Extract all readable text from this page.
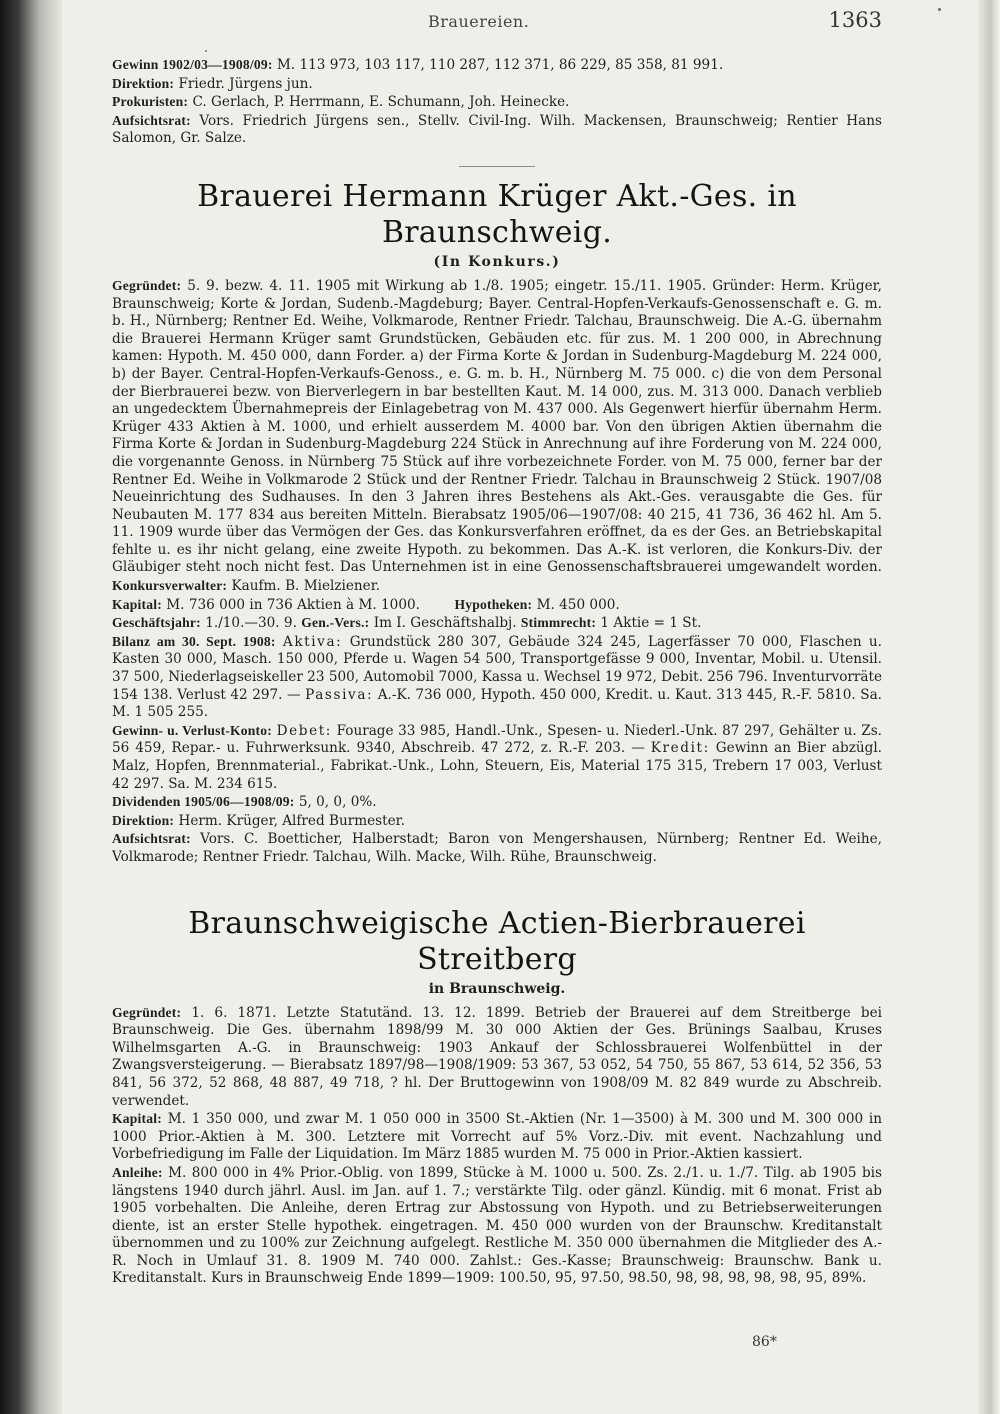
Brauereien.	1363

Gewinn 1902/03—1908/09: M. 113 973, 103 117, 110 287, 112 371, 86 229, 85 358, 81 991.

Direktion: Friedr. Jürgens jun.

Prokuristen: C. Gerlach, P. Herrmann, E. Schumann, Joh. Heinecke.

Aufsichtsrat: Vors. Friedrich Jürgens sen., Stellv. Civil-Ing. Wilh. Mackensen, Braunschweig; Rentier Hans Salomon, Gr. Salze.

Brauerei Hermann Krüger Akt.-Ges. in Braunschweig.
(In Konkurs.)

Gegründet: 5. 9. bezw. 4. 11. 1905 mit Wirkung ab 1./8. 1905; eingetr. 15./11. 1905. Gründer: Herm. Krüger, Braunschweig; Korte & Jordan, Sudenb.-Magdeburg; Bayer. Central-Hopfen-Verkaufs-Genossenschaft e. G. m. b. H., Nürnberg; Rentner Ed. Weihe, Volkmarode, Rentner Friedr. Talchau, Braunschweig. Die A.-G. übernahm die Brauerei Hermann Krüger samt Grundstücken, Gebäuden etc. für zus. M. 1 200 000, in Abrechnung kamen: Hypoth. M. 450 000, dann Forder. a) der Firma Korte & Jordan in Sudenburg-Magdeburg M. 224 000, b) der Bayer. Central-Hopfen-Verkaufs-Genoss., e. G. m. b. H., Nürnberg M. 75 000. c) die von dem Personal der Bierbrauerei bezw. von Bierverlegern in bar bestellten Kaut. M. 14 000, zus. M. 313 000. Danach verblieb an ungedecktem Übernahmepreis der Einlagebetrag von M. 437 000. Als Gegenwert hierfür übernahm Herm. Krüger 433 Aktien à M. 1000, und erhielt ausserdem M. 4000 bar. Von den übrigen Aktien übernahm die Firma Korte & Jordan in Sudenburg-Magdeburg 224 Stück in Anrechnung auf ihre Forderung von M. 224 000, die vorgenannte Genoss. in Nürnberg 75 Stück auf ihre vorbezeichnete Forder. von M. 75 000, ferner bar der Rentner Ed. Weihe in Volkmarode 2 Stück und der Rentner Friedr. Talchau in Braunschweig 2 Stück. 1907/08 Neueinrichtung des Sudhauses. In den 3 Jahren ihres Bestehens als Akt.-Ges. verausgabte die Ges. für Neubauten M. 177 834 aus bereiten Mitteln. Bierabsatz 1905/06—1907/08: 40 215, 41 736, 36 462 hl. Am 5. 11. 1909 wurde über das Vermögen der Ges. das Konkursverfahren eröffnet, da es der Ges. an Betriebskapital fehlte u. es ihr nicht gelang, eine zweite Hypoth. zu bekommen. Das A.-K. ist verloren, die Konkurs-Div. der Gläubiger steht noch nicht fest. Das Unternehmen ist in eine Genossenschaftsbrauerei umgewandelt worden. Konkursverwalter: Kaufm. B. Mielziener.

Kapital: M. 736 000 in 736 Aktien à M. 1000.	Hypotheken: M. 450 000.

Geschäftsjahr: 1./10.—30. 9. Gen.-Vers.: Im I. Geschäftshalbj. Stimmrecht: 1 Aktie = 1 St.

Bilanz am 30. Sept. 1908: Aktiva: Grundstück 280 307, Gebäude 324 245, Lagerfässer 70 000, Flaschen u. Kasten 30 000, Masch. 150 000, Pferde u. Wagen 54 500, Transportgefässe 9 000, Inventar, Mobil. u. Utensil. 37 500, Niederlagseiskeller 23 500, Automobil 7000, Kassa u. Wechsel 19 972, Debit. 256 796. Inventurvorräte 154 138. Verlust 42 297. — Passiva: A.-K. 736 000, Hypoth. 450 000, Kredit. u. Kaut. 313 445, R.-F. 5810. Sa. M. 1 505 255.

Gewinn- u. Verlust-Konto: Debet: Fourage 33 985, Handl.-Unk., Spesen- u. Niederl.-Unk. 87 297, Gehälter u. Zs. 56 459, Repar.- u. Fuhrwerksunk. 9340, Abschreib. 47 272, z. R.-F. 203. — Kredit: Gewinn an Bier abzügl. Malz, Hopfen, Brennmaterial., Fabrikat.-Unk., Lohn, Steuern, Eis, Material 175 315, Trebern 17 003, Verlust 42 297. Sa. M. 234 615.

Dividenden 1905/06—1908/09: 5, 0, 0, 0%.

Direktion: Herm. Krüger, Alfred Burmester.

Aufsichtsrat: Vors. C. Boetticher, Halberstadt; Baron von Mengershausen, Nürnberg; Rentner Ed. Weihe, Volkmarode; Rentner Friedr. Talchau, Wilh. Macke, Wilh. Rühe, Braunschweig.

Braunschweigische Actien-Bierbrauerei Streitberg
in Braunschweig.

Gegründet: 1. 6. 1871. Letzte Statutänd. 13. 12. 1899. Betrieb der Brauerei auf dem Streitberge bei Braunschweig. Die Ges. übernahm 1898/99 M. 30 000 Aktien der Ges. Brünings Saalbau, Kruses Wilhelmsgarten A.-G. in Braunschweig: 1903 Ankauf der Schlossbrauerei Wolfenbüttel in der Zwangsversteigerung. — Bierabsatz 1897/98—1908/1909: 53 367, 53 052, 54 750, 55 867, 53 614, 52 356, 53 841, 56 372, 52 868, 48 887, 49 718, ? hl. Der Bruttogewinn von 1908/09 M. 82 849 wurde zu Abschreib. verwendet.

Kapital: M. 1 350 000, und zwar M. 1 050 000 in 3500 St.-Aktien (Nr. 1—3500) à M. 300 und M. 300 000 in 1000 Prior.-Aktien à M. 300. Letztere mit Vorrecht auf 5% Vorz.-Div. mit event. Nachzahlung und Vorbefriedigung im Falle der Liquidation. Im März 1885 wurden M. 75 000 in Prior.-Aktien kassiert.

Anleihe: M. 800 000 in 4% Prior.-Oblig. von 1899, Stücke à M. 1000 u. 500. Zs. 2./1. u. 1./7. Tilg. ab 1905 bis längstens 1940 durch jährl. Ausl. im Jan. auf 1. 7.; verstärkte Tilg. oder gänzl. Kündig. mit 6 monat. Frist ab 1905 vorbehalten. Die Anleihe, deren Ertrag zur Abstossung von Hypoth. und zu Betriebserweiterungen diente, ist an erster Stelle hypothek. eingetragen. M. 450 000 wurden von der Braunschw. Kreditanstalt übernommen und zu 100% zur Zeichnung aufgelegt. Restliche M. 350 000 übernahmen die Mitglieder des A.-R. Noch in Umlauf 31. 8. 1909 M. 740 000. Zahlst.: Ges.-Kasse; Braunschweig: Braunschw. Bank u. Kreditanstalt. Kurs in Braunschweig Ende 1899—1909: 100.50, 95, 97.50, 98.50, 98, 98, 98, 98, 98, 95, 89%.

86*
